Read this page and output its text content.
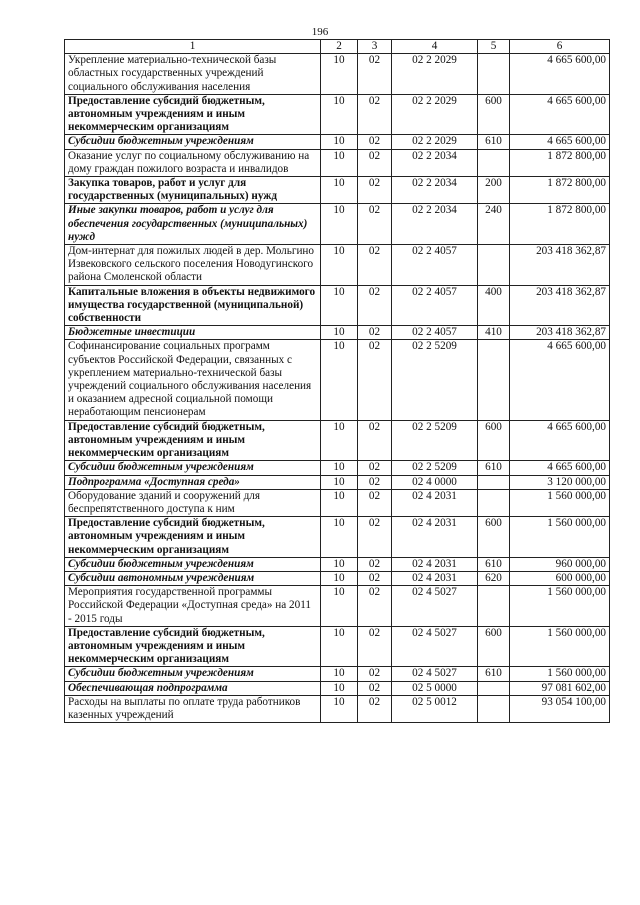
196
1	2	3	4	5	6
Укрепление материально-технической базы областных государственных учреждений социального обслуживания населения	10	02	02 2 2029		4 665 600,00
Предоставление субсидий бюджетным, автономным учреждениям и иным некоммерческим организациям	10	02	02 2 2029	600	4 665 600,00
Субсидии бюджетным учреждениям	10	02	02 2 2029	610	4 665 600,00
Оказание услуг по социальному обслуживанию на дому граждан пожилого возраста и инвалидов	10	02	02 2 2034		1 872 800,00
Закупка товаров, работ и услуг для государственных (муниципальных) нужд	10	02	02 2 2034	200	1 872 800,00
Иные закупки товаров, работ и услуг для обеспечения государственных (муниципальных) нужд	10	02	02 2 2034	240	1 872 800,00
Дом-интернат для пожилых людей в дер. Мольгино Извековского сельского поселения Новодугинского района Смоленской области	10	02	02 2 4057		203 418 362,87
Капитальные вложения в объекты недвижимого имущества государственной (муниципальной) собственности	10	02	02 2 4057	400	203 418 362,87
Бюджетные инвестиции	10	02	02 2 4057	410	203 418 362,87
Софинансирование социальных программ субъектов Российской Федерации, связанных с укреплением материально-технической базы учреждений социального обслуживания населения и оказанием адресной социальной помощи неработающим пенсионерам	10	02	02 2 5209		4 665 600,00
Предоставление субсидий бюджетным, автономным учреждениям и иным некоммерческим организациям	10	02	02 2 5209	600	4 665 600,00
Субсидии бюджетным учреждениям	10	02	02 2 5209	610	4 665 600,00
Подпрограмма «Доступная среда»	10	02	02 4 0000		3 120 000,00
Оборудование зданий и сооружений для беспрепятственного доступа к ним	10	02	02 4 2031		1 560 000,00
Предоставление субсидий бюджетным, автономным учреждениям и иным некоммерческим организациям	10	02	02 4 2031	600	1 560 000,00
Субсидии бюджетным учреждениям	10	02	02 4 2031	610	960 000,00
Субсидии автономным учреждениям	10	02	02 4 2031	620	600 000,00
Мероприятия государственной программы Российской Федерации «Доступная среда» на 2011 - 2015 годы	10	02	02 4 5027		1 560 000,00
Предоставление субсидий бюджетным, автономным учреждениям и иным некоммерческим организациям	10	02	02 4 5027	600	1 560 000,00
Субсидии бюджетным учреждениям	10	02	02 4 5027	610	1 560 000,00
Обеспечивающая подпрограмма	10	02	02 5 0000		97 081 602,00
Расходы на выплаты по оплате труда работников казенных учреждений	10	02	02 5 0012		93 054 100,00
